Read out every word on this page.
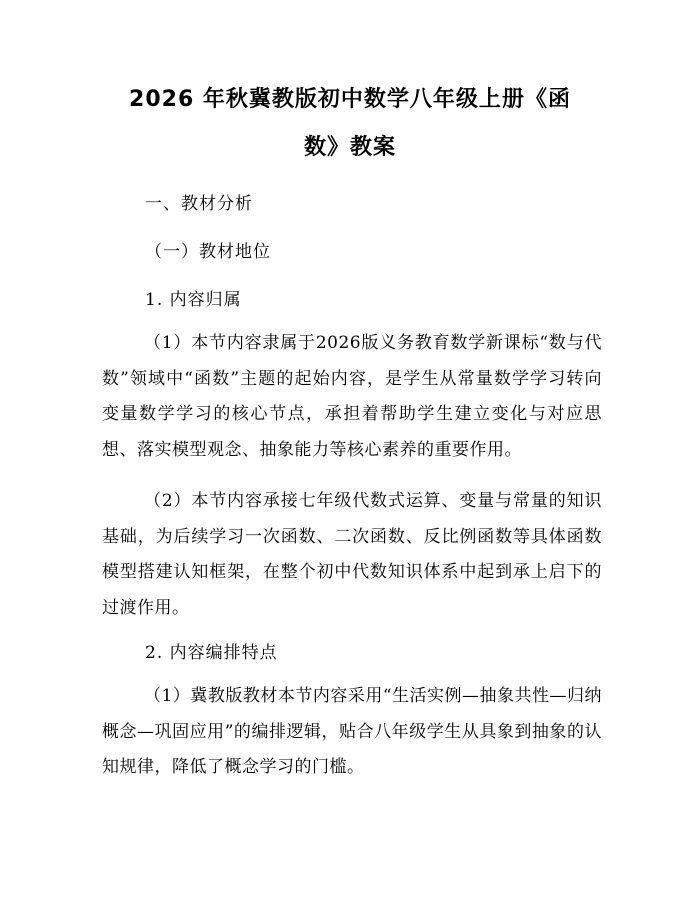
2026 年秋冀教版初中数学八年级上册《函
数》教案

一、教材分析

（一）教材地位

1. 内容归属

（1）本节内容隶属于2026版义务教育数学新课标“数与代数”领域中“函数”主题的起始内容，是学生从常量数学学习转向变量数学学习的核心节点，承担着帮助学生建立变化与对应思想、落实模型观念、抽象能力等核心素养的重要作用。

（2）本节内容承接七年级代数式运算、变量与常量的知识基础，为后续学习一次函数、二次函数、反比例函数等具体函数模型搭建认知框架，在整个初中代数知识体系中起到承上启下的过渡作用。

2. 内容编排特点

（1）冀教版教材本节内容采用“生活实例—抽象共性—归纳概念—巩固应用”的编排逻辑，贴合八年级学生从具象到抽象的认知规律，降低了概念学习的门槛。
